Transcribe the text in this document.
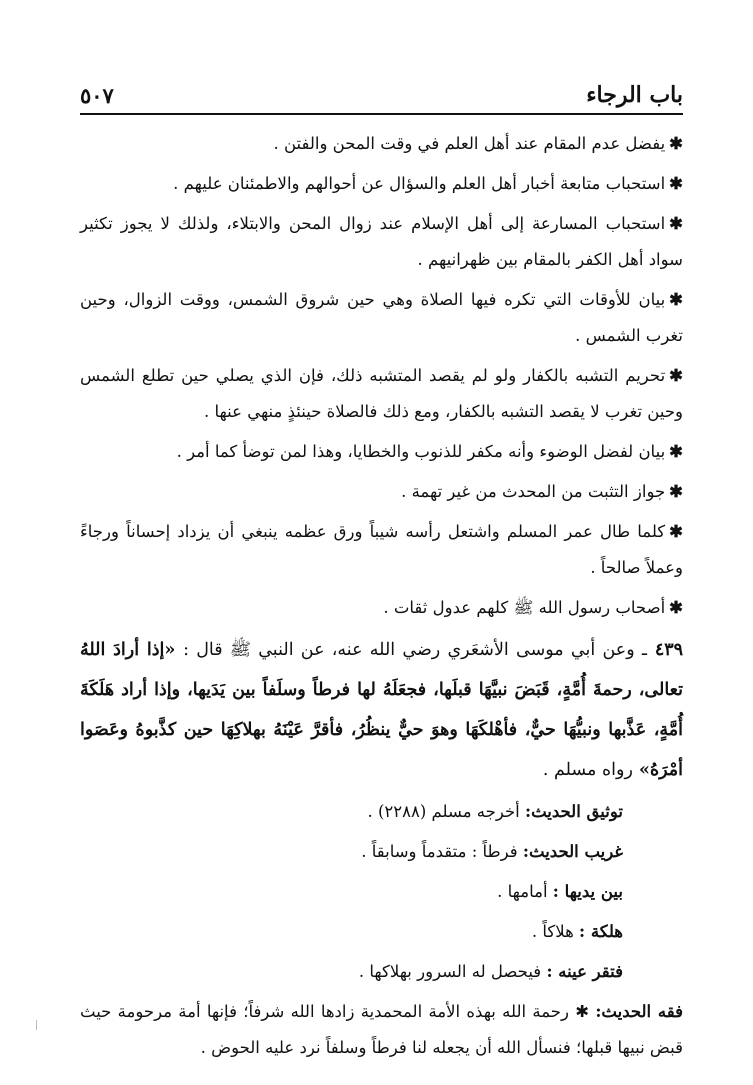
باب الرجاء
٥٠٧

✱يفضل عدم المقام عند أهل العلم في وقت المحن والفتن .

✱استحباب متابعة أخبار أهل العلم والسؤال عن أحوالهم والاطمئنان عليهم .

✱استحباب المسارعة إلى أهل الإسلام عند زوال المحن والابتلاء، ولذلك لا يجوز تكثير سواد أهل الكفر بالمقام بين ظهرانيهم .

✱بيان للأوقات التي تكره فيها الصلاة وهي حين شروق الشمس، ووقت الزوال، وحين تغرب الشمس .

✱تحريم التشبه بالكفار ولو لم يقصد المتشبه ذلك، فإن الذي يصلي حين تطلع الشمس وحين تغرب لا يقصد التشبه بالكفار، ومع ذلك فالصلاة حينئذٍ منهي عنها .

✱بيان لفضل الوضوء وأنه مكفر للذنوب والخطايا، وهذا لمن توضأ كما أمر .

✱جواز التثبت من المحدث من غير تهمة .

✱كلما طال عمر المسلم واشتعل رأسه شيباً ورق عظمه ينبغي أن يزداد إحساناً ورجاءً وعملاً صالحاً .

✱أصحاب رسول الله ﷺ كلهم عدول ثقات .

٤٣٩ ـ وعن أبي موسى الأشعَري رضي الله عنه، عن النبي ﷺ قال : «إذا أرادَ اللهُ تعالى، رحمةَ أُمَّةٍ، قَبَضَ نبيَّهَا قبلَها، فجعَلَهُ لها فرطاً وسلَفاً بين يَدَيها، وإذا أراد هَلَكَةَ أُمَّةٍ، عَذَّبها ونبيُّهَا حيٌّ، فأهْلكَهَا وهوَ حيٌّ ينظُرُ، فأقرَّ عَيْنَهُ بهلاكِهَا حين كذَّبوهُ وعَصَوا أمْرَهُ» رواه مسلم .

توثيق الحديث: أخرجه مسلم (٢٢٨٨) .

غريب الحديث: فرطاً : متقدماً وسابقاً .

بين يديها : أمامها .

هلكة : هلاكاً .

فتقر عينه : فيحصل له السرور بهلاكها .

فقه الحديث: ✱ رحمة الله بهذه الأمة المحمدية زادها الله شرفاً؛ فإنها أمة مرحومة حيث قبض نبيها قبلها؛ فنسأل الله أن يجعله لنا فرطاً وسلفاً نرد عليه الحوض .
